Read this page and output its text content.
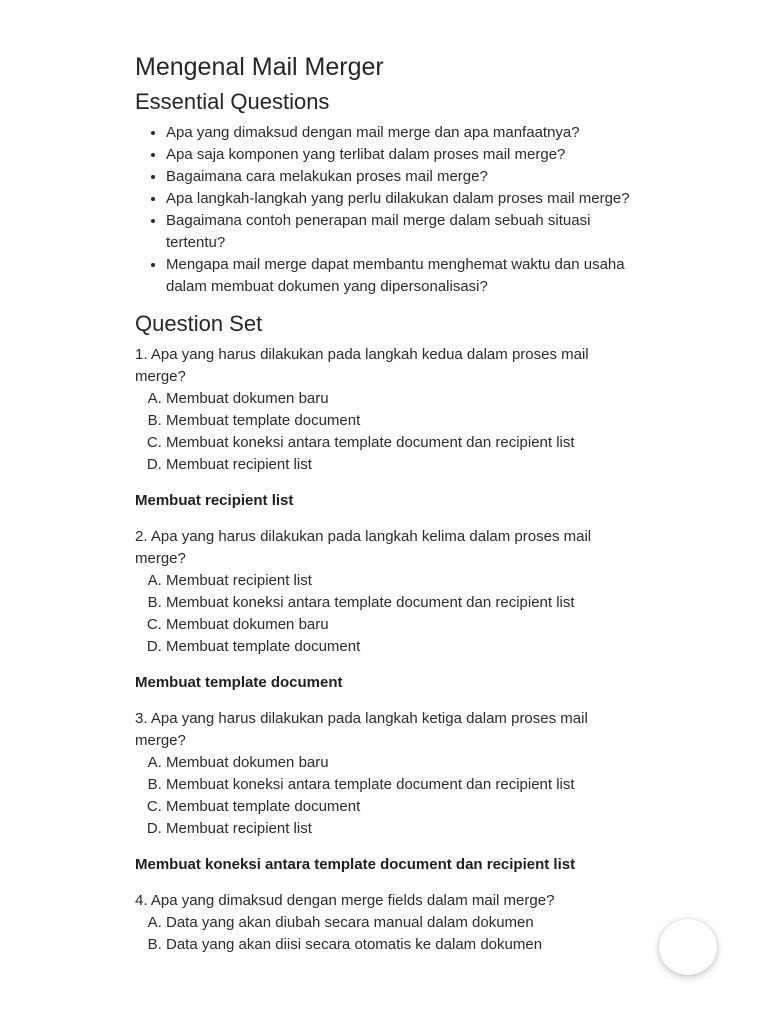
Mengenal Mail Merger
Essential Questions
• Apa yang dimaksud dengan mail merge dan apa manfaatnya?
• Apa saja komponen yang terlibat dalam proses mail merge?
• Bagaimana cara melakukan proses mail merge?
• Apa langkah-langkah yang perlu dilakukan dalam proses mail merge?
• Bagaimana contoh penerapan mail merge dalam sebuah situasi tertentu?
• Mengapa mail merge dapat membantu menghemat waktu dan usaha dalam membuat dokumen yang dipersonalisasi?
Question Set

1. Apa yang harus dilakukan pada langkah kedua dalam proses mail merge?

A. Membuat dokumen baru
B. Membuat template document
C. Membuat koneksi antara template document dan recipient list
D. Membuat recipient list
Membuat recipient list

2. Apa yang harus dilakukan pada langkah kelima dalam proses mail merge?

A. Membuat recipient list
B. Membuat koneksi antara template document dan recipient list
C. Membuat dokumen baru
D. Membuat template document
Membuat template document

3. Apa yang harus dilakukan pada langkah ketiga dalam proses mail merge?

A. Membuat dokumen baru
B. Membuat koneksi antara template document dan recipient list
C. Membuat template document
D. Membuat recipient list
Membuat koneksi antara template document dan recipient list

4. Apa yang dimaksud dengan merge fields dalam mail merge?

A. Data yang akan diubah secara manual dalam dokumen
B. Data yang akan diisi secara otomatis ke dalam dokumen
